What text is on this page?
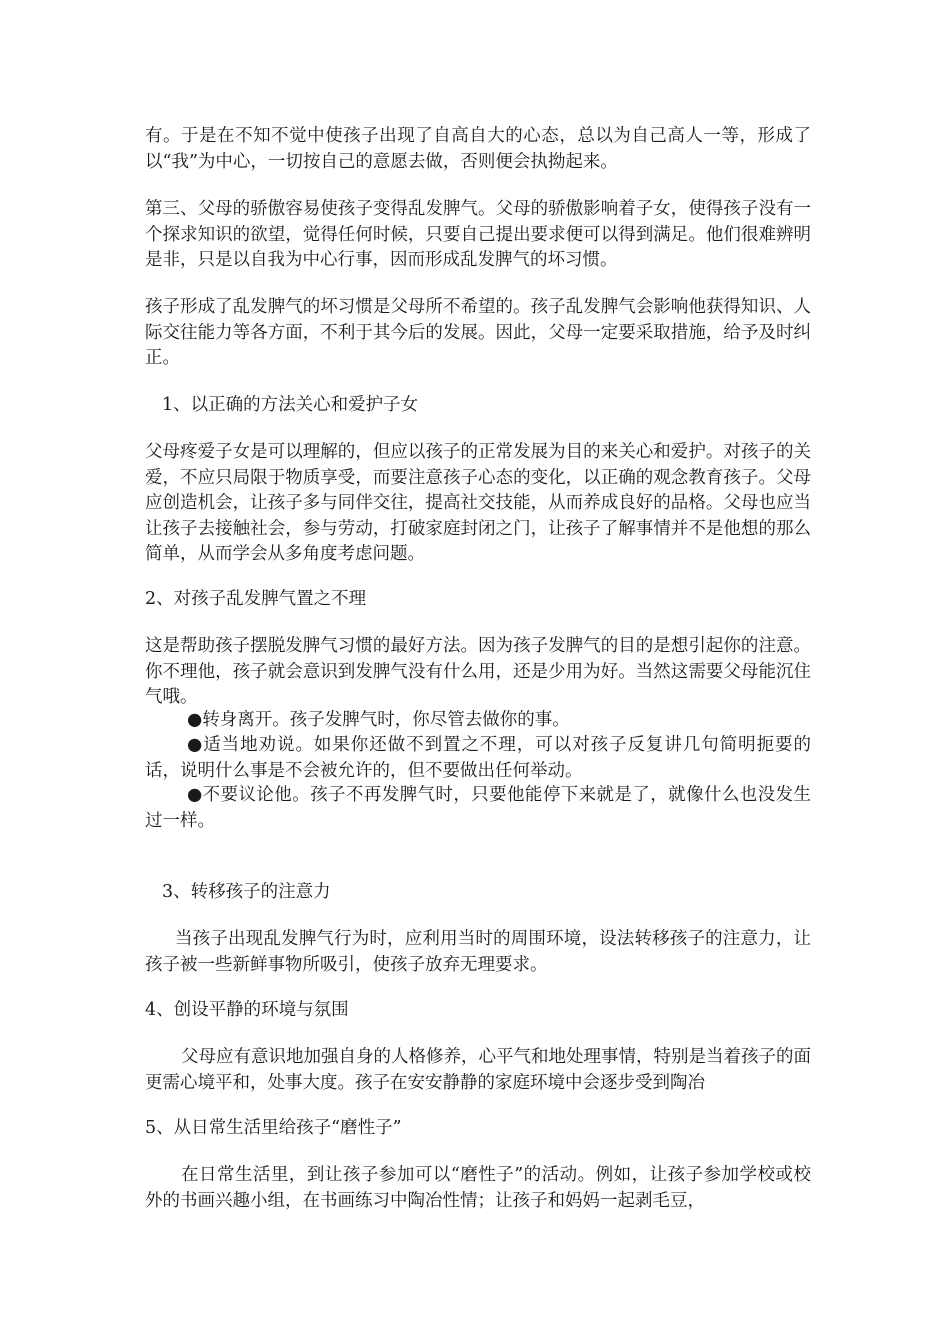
有。于是在不知不觉中使孩子出现了自高自大的心态，总以为自己高人一等，形成了以“我”为中心，一切按自己的意愿去做，否则便会执拗起来。

第三、父母的骄傲容易使孩子变得乱发脾气。父母的骄傲影响着子女，使得孩子没有一个探求知识的欲望，觉得任何时候，只要自己提出要求便可以得到满足。他们很难辨明是非，只是以自我为中心行事，因而形成乱发脾气的坏习惯。

孩子形成了乱发脾气的坏习惯是父母所不希望的。孩子乱发脾气会影响他获得知识、人际交往能力等各方面，不利于其今后的发展。因此，父母一定要采取措施，给予及时纠正。

1、以正确的方法关心和爱护子女

父母疼爱子女是可以理解的，但应以孩子的正常发展为目的来关心和爱护。对孩子的关爱，不应只局限于物质享受，而要注意孩子心态的变化，以正确的观念教育孩子。父母应创造机会，让孩子多与同伴交往，提高社交技能，从而养成良好的品格。父母也应当让孩子去接触社会，参与劳动，打破家庭封闭之门，让孩子了解事情并不是他想的那么简单，从而学会从多角度考虑问题。

2、对孩子乱发脾气置之不理

这是帮助孩子摆脱发脾气习惯的最好方法。因为孩子发脾气的目的是想引起你的注意。你不理他，孩子就会意识到发脾气没有什么用，还是少用为好。当然这需要父母能沉住气哦。

●转身离开。孩子发脾气时，你尽管去做你的事。

●适当地劝说。如果你还做不到置之不理，可以对孩子反复讲几句简明扼要的话，说明什么事是不会被允许的，但不要做出任何举动。

●不要议论他。孩子不再发脾气时，只要他能停下来就是了，就像什么也没发生过一样。

3、转移孩子的注意力

当孩子出现乱发脾气行为时，应利用当时的周围环境，设法转移孩子的注意力，让孩子被一些新鲜事物所吸引，使孩子放弃无理要求。

4、创设平静的环境与氛围

父母应有意识地加强自身的人格修养，心平气和地处理事情，特别是当着孩子的面更需心境平和，处事大度。孩子在安安静静的家庭环境中会逐步受到陶冶

5、从日常生活里给孩子“磨性子”

在日常生活里，到让孩子参加可以“磨性子”的活动。例如，让孩子参加学校或校外的书画兴趣小组，在书画练习中陶冶性情；让孩子和妈妈一起剥毛豆，
